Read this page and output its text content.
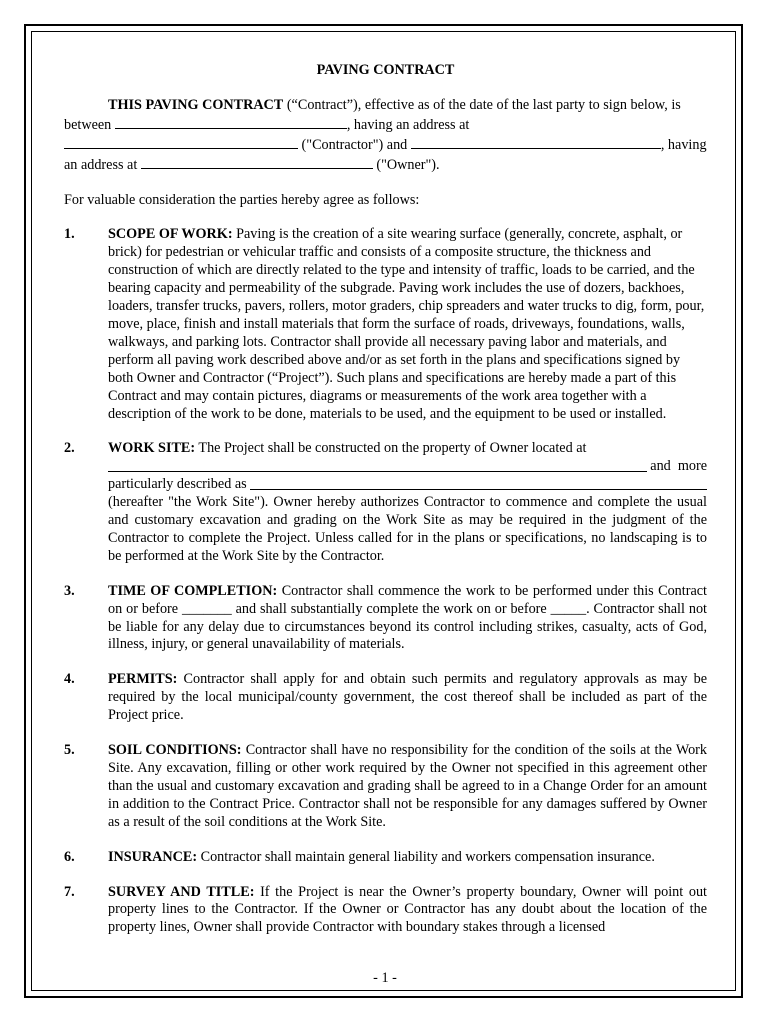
PAVING CONTRACT

THIS PAVING CONTRACT (“Contract”), effective as of the date of the last party to sign below, is between	, having an address at
("Contractor") and	, having an address at	("Owner").

For valuable consideration the parties hereby agree as follows:

1.	SCOPE OF WORK: Paving is the creation of a site wearing surface (generally, concrete, asphalt, or brick) for pedestrian or vehicular traffic and consists of a composite structure, the thickness and construction of which are directly related to the type and intensity of traffic, loads to be carried, and the bearing capacity and permeability of the subgrade. Paving work includes the use of dozers, backhoes, loaders, transfer trucks, pavers, rollers, motor graders, chip spreaders and water trucks to dig, form, pour, move, place, finish and install materials that form the surface of roads, driveways, foundations, walls, walkways, and parking lots. Contractor shall provide all necessary paving labor and materials, and perform all paving work described above and/or as set forth in the plans and specifications signed by both Owner and Contractor (“Project”). Such plans and specifications are hereby made a part of this Contract and may contain pictures, diagrams or measurements of the work area together with a description of the work to be done, materials to be used, and the equipment to be used or installed.
2.	WORK SITE: The Project shall be constructed on the property of Owner located at
and  more
particularly described as
(hereafter "the Work Site"). Owner hereby authorizes Contractor to commence and complete the usual and customary excavation and grading on the Work Site as may be required in the judgment of the Contractor to complete the Project. Unless called for in the plans or specifications, no landscaping is to be performed at the Work Site by the Contractor.
3.	TIME OF COMPLETION: Contractor shall commence the work to be performed under this Contract on or before _______ and shall substantially complete the work on or before _____. Contractor shall not be liable for any delay due to circumstances beyond its control including strikes, casualty, acts of God, illness, injury, or general unavailability of materials.
4.	PERMITS: Contractor shall apply for and obtain such permits and regulatory approvals as may be required by the local municipal/county government, the cost thereof shall be included as part of the Project price.
5.	SOIL CONDITIONS: Contractor shall have no responsibility for the condition of the soils at the Work Site. Any excavation, filling or other work required by the Owner not specified in this agreement other than the usual and customary excavation and grading shall be agreed to in a Change Order for an amount in addition to the Contract Price. Contractor shall not be responsible for any damages suffered by Owner as a result of the soil conditions at the Work Site.
6.	INSURANCE: Contractor shall maintain general liability and workers compensation insurance.
7.	SURVEY AND TITLE: If the Project is near the Owner’s property boundary, Owner will point out property lines to the Contractor. If the Owner or Contractor has any doubt about the location of the property lines, Owner shall provide Contractor with boundary stakes through a licensed
- 1 -
